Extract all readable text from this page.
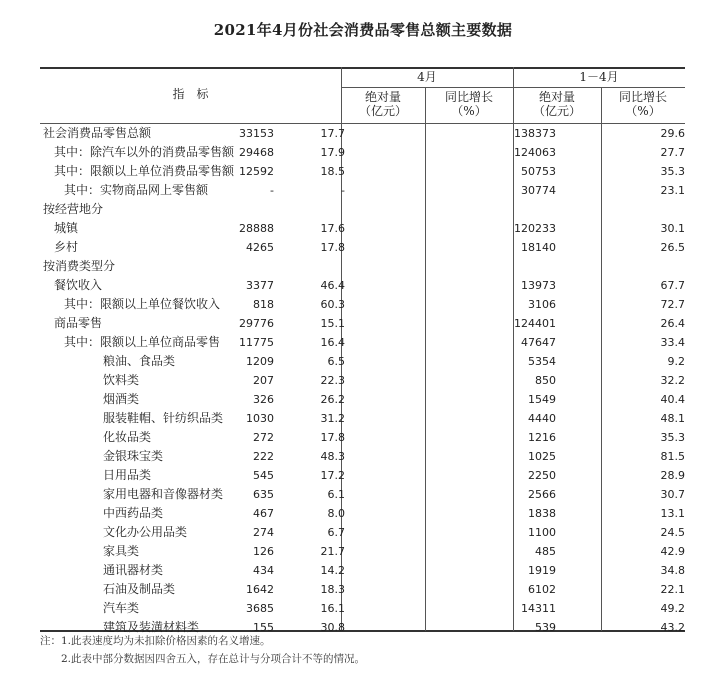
2021年4月份社会消费品零售总额主要数据
指　标
4月	1－4月
绝对量
（亿元）
同比增长
（%）
绝对量
（亿元）
同比增长
（%）
社会消费品零售总额	33153	17.7	138373	29.6
其中：除汽车以外的消费品零售额 29468	17.9	124063	27.7
其中：限额以上单位消费品零售额 12592	18.5	50753	35.3
其中：实物商品网上零售额	-	-	30774	23.1
按经营地分
城镇	28888	17.6	120233	30.1
乡村	4265	17.8	18140	26.5
按消费类型分
餐饮收入	3377	46.4	13973	67.7
其中：限额以上单位餐饮收入	818	60.3	3106	72.7
商品零售	29776	15.1	124401	26.4
其中：限额以上单位商品零售 11775	16.4	47647	33.4
粮油、食品类	1209	6.5	5354	9.2
饮料类	207	22.3	850	32.2
烟酒类	326	26.2	1549	40.4
服装鞋帽、针纺织品类 1030	31.2	4440	48.1
化妆品类	272	17.8	1216	35.3
金银珠宝类	222	48.3	1025	81.5
日用品类	545	17.2	2250	28.9
家用电器和音像器材类	635	6.1	2566	30.7
中西药品类	467	8.0	1838	13.1
文化办公用品类	274	6.7	1100	24.5
家具类	126	21.7	485	42.9
通讯器材类	434	14.2	1919	34.8
石油及制品类	1642	18.3	6102	22.1
汽车类	3685	16.1	14311	49.2
建筑及装潢材料类	155	30.8	539	43.2
注：1.此表速度均为未扣除价格因素的名义增速。
　　2.此表中部分数据因四舍五入，存在总计与分项合计不等的情况。
